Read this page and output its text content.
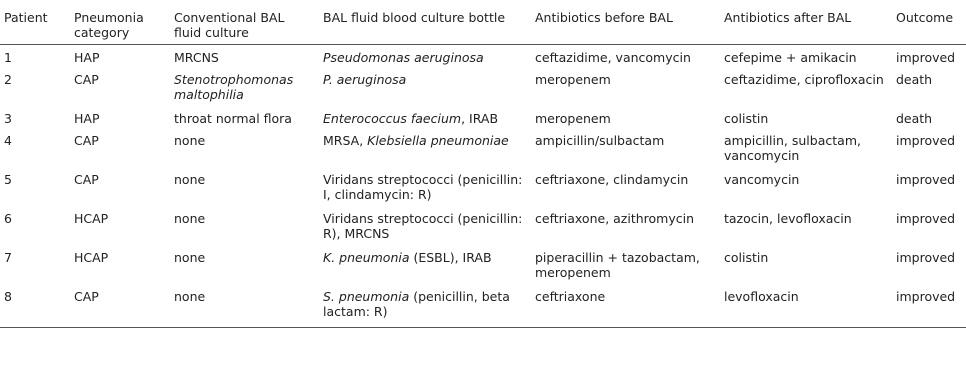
Patient	Pneumonia category	Conventional BAL fluid culture	BAL fluid blood culture bottle	Antibiotics before BAL	Antibiotics after BAL	Outcome
1	HAP	MRCNS	Pseudomonas aeruginosa	ceftazidime, vancomycin	cefepime + amikacin	improved
2	CAP	Stenotrophomonas maltophilia	P. aeruginosa	meropenem	ceftazidime, ciprofloxacin	death
3	HAP	throat normal flora	Enterococcus faecium, IRAB	meropenem	colistin	death
4	CAP	none	MRSA, Klebsiella pneumoniae	ampicillin/sulbactam	ampicillin, sulbactam, vancomycin	improved
5	CAP	none	Viridans streptococci (penicillin: I, clindamycin: R)	ceftriaxone, clindamycin	vancomycin	improved
6	HCAP	none	Viridans streptococci (penicillin: R), MRCNS	ceftriaxone, azithromycin	tazocin, levofloxacin	improved
7	HCAP	none	K. pneumonia (ESBL), IRAB	piperacillin + tazobactam, meropenem	colistin	improved
8	CAP	none	S. pneumonia (penicillin, beta lactam: R)	ceftriaxone	levofloxacin	improved
